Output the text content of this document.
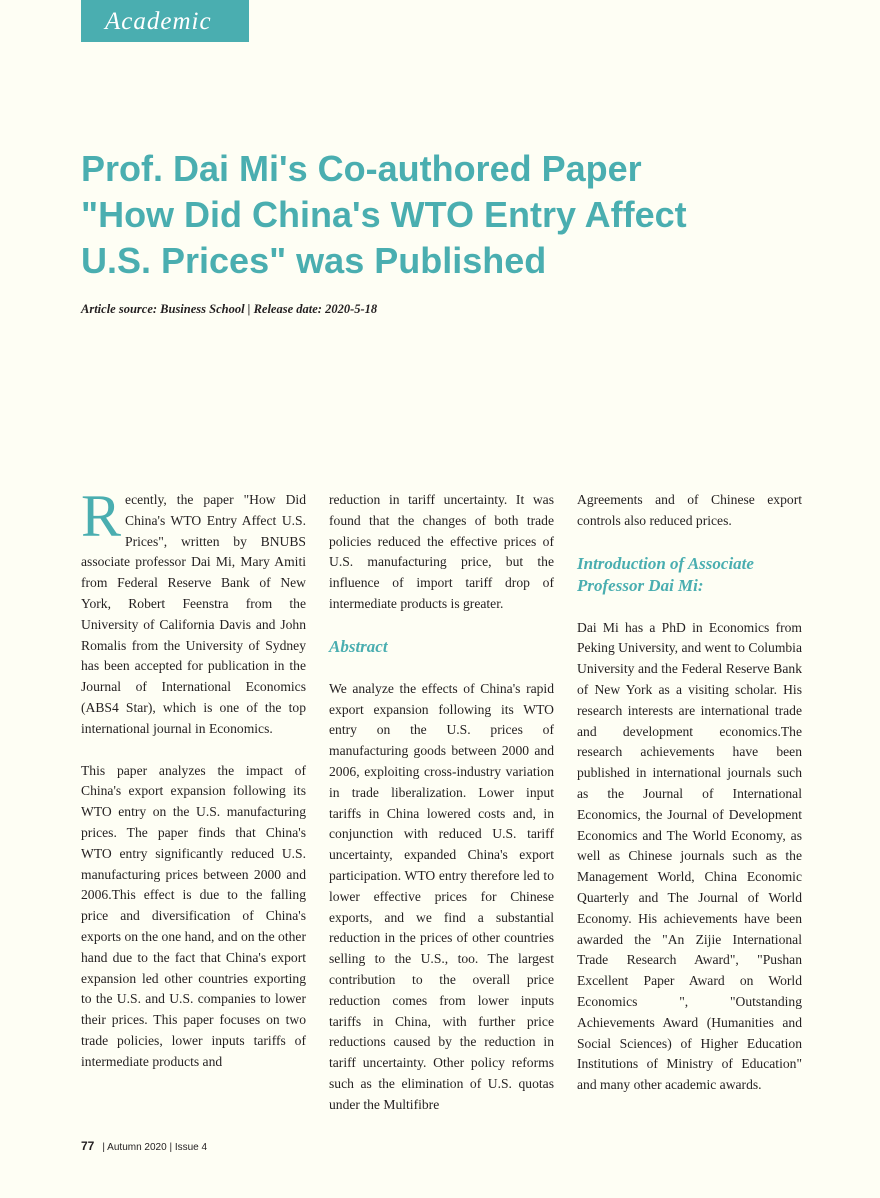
Academic
Prof. Dai Mi's Co-authored Paper
"How Did China's WTO Entry Affect
U.S. Prices" was Published
Article source: Business School | Release date: 2020-5-18

Recently, the paper "How Did China's WTO Entry Affect U.S. Prices", written by BNUBS associate professor Dai Mi, Mary Amiti from Federal Reserve Bank of New York, Robert Feenstra from the University of California Davis and John Romalis from the University of Sydney has been accepted for publication in the Journal of International Economics (ABS4 Star), which is one of the top international journal in Economics.

This paper analyzes the impact of China's export expansion following its WTO entry on the U.S. manufacturing prices. The paper finds that China's WTO entry significantly reduced U.S. manufacturing prices between 2000 and 2006.This effect is due to the falling price and diversification of China's exports on the one hand, and on the other hand due to the fact that China's export expansion led other countries exporting to the U.S. and U.S. companies to lower their prices. This paper focuses on two trade policies, lower inputs tariffs of intermediate products and

reduction in tariff uncertainty. It was found that the changes of both trade policies reduced the effective prices of U.S. manufacturing price, but the influence of import tariff drop of intermediate products is greater.

Abstract

We analyze the effects of China's rapid export expansion following its WTO entry on the U.S. prices of manufacturing goods between 2000 and 2006, exploiting cross-industry variation in trade liberalization. Lower input tariffs in China lowered costs and, in conjunction with reduced U.S. tariff uncertainty, expanded China's export participation. WTO entry therefore led to lower effective prices for Chinese exports, and we find a substantial reduction in the prices of other countries selling to the U.S., too. The largest contribution to the overall price reduction comes from lower inputs tariffs in China, with further price reductions caused by the reduction in tariff uncertainty. Other policy reforms such as the elimination of U.S. quotas under the Multifibre

Agreements and of Chinese export controls also reduced prices.

Introduction of Associate Professor Dai Mi:

Dai Mi has a PhD in Economics from Peking University, and went to Columbia University and the Federal Reserve Bank of New York as a visiting scholar. His research interests are international trade and development economics.The research achievements have been published in international journals such as the Journal of International Economics, the Journal of Development Economics and The World Economy, as well as Chinese journals such as the Management World, China Economic Quarterly and The Journal of World Economy. His achievements have been awarded the "An Zijie International Trade Research Award", "Pushan Excellent Paper Award on World Economics ", "Outstanding Achievements Award (Humanities and Social Sciences) of Higher Education Institutions of Ministry of Education" and many other academic awards.

77 | Autumn 2020 | Issue 4
